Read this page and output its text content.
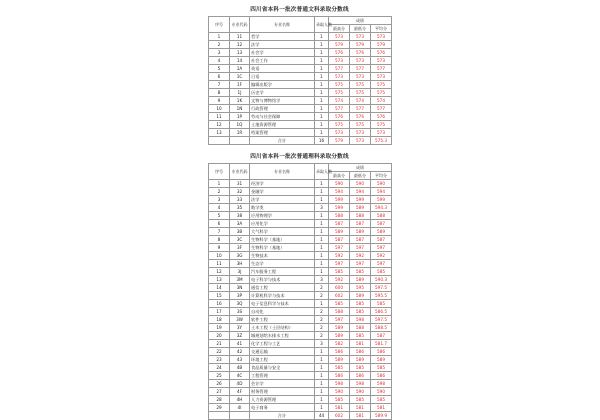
四川省本科一批次普通文科录取分数线
序号	专业代码	专业名称	录取人数	成绩		
				最高分	最低分	平均分
1	11	哲学	1	573	573	573
2	12	法学	1	579	579	579
3	13	社会学	1	576	576	576
4	14	社会工作	1	573	573	573
5	1A	英语	1	577	577	577
6	1C	日语	1	573	573	573
7	1F	编辑出版学	1	575	575	575
8	1J	历史学	1	575	575	575
9	1K	文物与博物馆学	1	574	574	574
10	1N	行政管理	1	577	577	577
11	1P	劳动与社会保障	1	576	576	576
12	1Q	土地资源管理	1	575	575	575
13	1R	档案管理	1	573	573	573
		合计	16	579	573	575.3
四川省本科一批次普通理科录取分数线
序号	专业代码	专业名称	录取人数	成绩		
				最高分	最低分	平均分
1	31	经济学	1	590	590	590
2	32	金融学	1	594	594	594
3	33	法学	1	599	599	599
4	35	数学类	3	599	589	594.3
5	38	应用物理学	1	588	588	588
6	3A	应用化学	1	587	587	587
7	3B	大气科学	1	589	589	589
8	3C	生物科学（基地）	1	587	587	587
9	3F	生物科学（基地）	1	597	597	597
10	3G	生物技术	1	592	592	592
11	3H	生态学	1	597	597	597
12	3J	汽车服务工程	1	585	585	585
13	3M	电子科学与技术	3	592	589	590.3
14	3N	通信工程	2	600	595	597.5
15	3P	计算机科学与技术	2	602	589	595.5
16	3Q	电子信息科学与技术	1	585	585	585
17	3S	自动化	2	588	585	586.5
18	3W	软件工程	2	597	598	597.5
19	3Y	土木工程（土层结构）	2	589	588	588.5
20	3Z	城规划给水排水工程	2	589	585	587
21	41	化学工程与工艺	3	582	581	581.7
22	42	交通运输	1	586	586	586
23	43	环境工程	1	589	589	589
24	4B	食品质量与安全	1	585	585	585
25	4C	工程管理	1	586	586	586
26	4D	会计学	1	598	598	598
27	4F	财务管理	1	590	590	590
28	4H	人力资源管理	1	585	585	585
29	4I	电子商务	1	581	581	581
		合计	44	602	581	589.9
